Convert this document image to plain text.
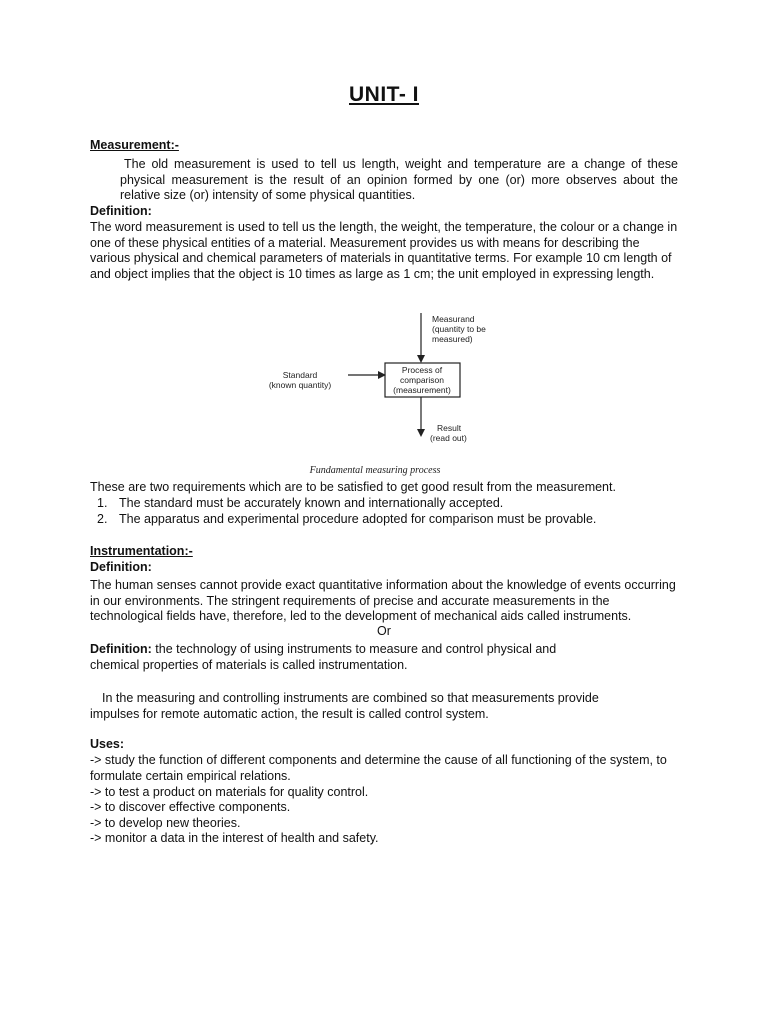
UNIT- I
Measurement:-
The old measurement is used to tell us length, weight and temperature are a change of these physical measurement is the result of an opinion formed by one (or) more observes about the relative size (or) intensity of some physical quantities.
Definition:
The word measurement is used to tell us the length, the weight, the temperature, the colour or a change in one of these physical entities of a material. Measurement provides us with means for describing the various physical and chemical parameters of materials in quantitative terms. For example 10 cm length of and object implies that the object is 10 times as large as 1 cm; the unit employed in expressing length.
Measurand
(quantity to be
measured)
Process of
comparison
(measurement)
Standard
(known quantity)
Result
(read out)
Fundamental measuring process
These are two requirements which are to be satisfied to get good result from the measurement.
1. The standard must be accurately known and internationally accepted.
2. The apparatus and experimental procedure adopted for comparison must be provable.
Instrumentation:-
Definition:
The human senses cannot provide exact quantitative information about the knowledge of events occurring in our environments. The stringent requirements of precise and accurate measurements in the technological fields have, therefore, led to the development of mechanical aids called instruments.
Or
Definition: the technology of using instruments to measure and control physical and chemical properties of materials is called instrumentation.
In the measuring and controlling instruments are combined so that measurements provide impulses for remote automatic action, the result is called control system.
Uses:
-> study the function of different components and determine the cause of all functioning of the system, to formulate certain empirical relations.
-> to test a product on materials for quality control.
-> to discover effective components.
-> to develop new theories.
-> monitor a data in the interest of health and safety.
